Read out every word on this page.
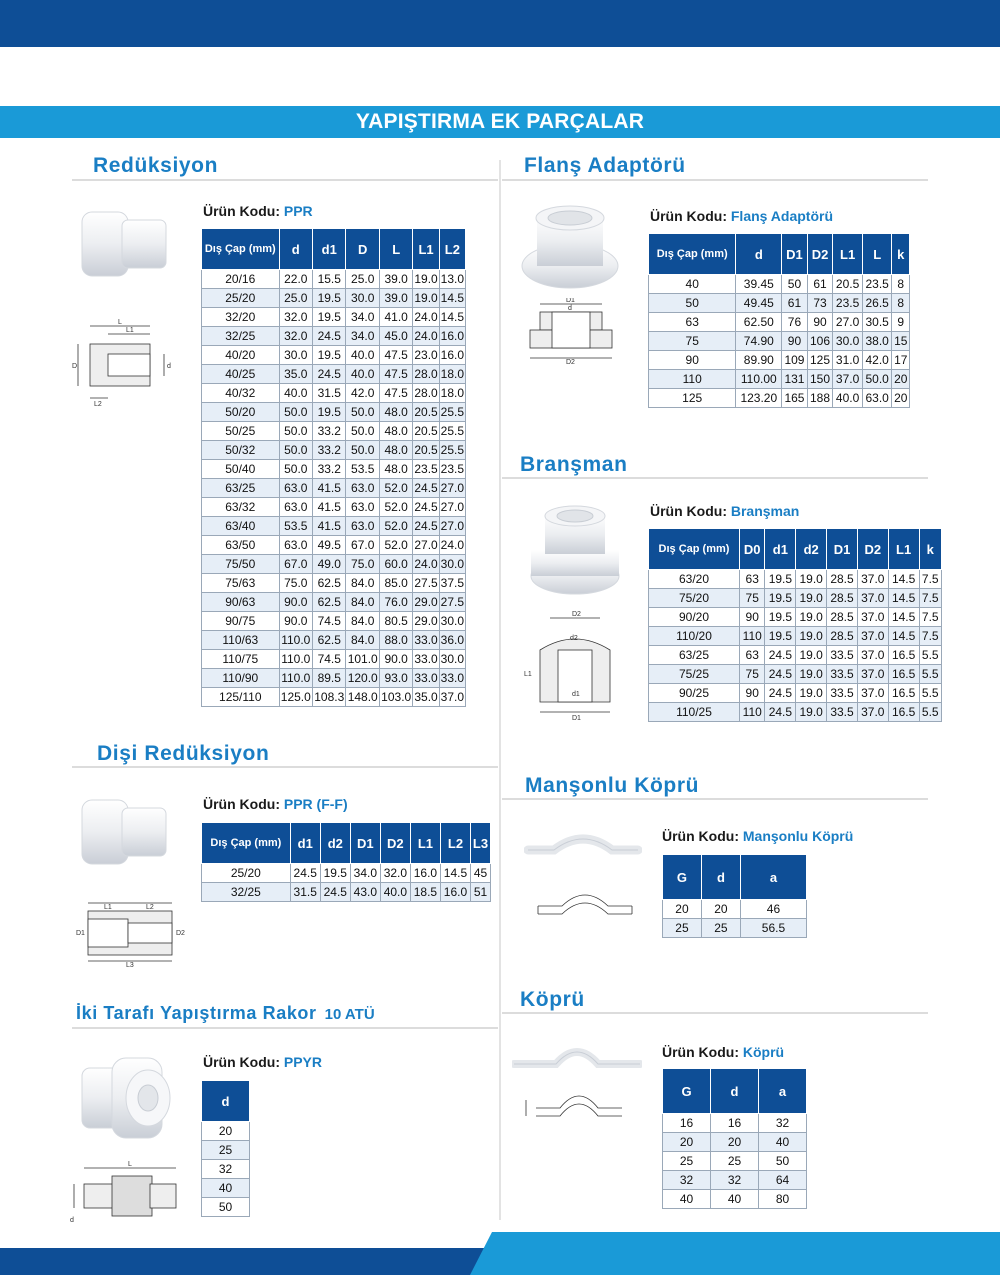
YAPIŞTIRMA EK PARÇALAR
Redüksiyon
L
L1
D	d
L2
Ürün Kodu: PPR
Dış Çap (mm)	d	d1	D	L	L1	L2
20/16	22.0	15.5	25.0	39.0	19.0	13.0
25/20	25.0	19.5	30.0	39.0	19.0	14.5
32/20	32.0	19.5	34.0	41.0	24.0	14.5
32/25	32.0	24.5	34.0	45.0	24.0	16.0
40/20	30.0	19.5	40.0	47.5	23.0	16.0
40/25	35.0	24.5	40.0	47.5	28.0	18.0
40/32	40.0	31.5	42.0	47.5	28.0	18.0
50/20	50.0	19.5	50.0	48.0	20.5	25.5
50/25	50.0	33.2	50.0	48.0	20.5	25.5
50/32	50.0	33.2	50.0	48.0	20.5	25.5
50/40	50.0	33.2	53.5	48.0	23.5	23.5
63/25	63.0	41.5	63.0	52.0	24.5	27.0
63/32	63.0	41.5	63.0	52.0	24.5	27.0
63/40	53.5	41.5	63.0	52.0	24.5	27.0
63/50	63.0	49.5	67.0	52.0	27.0	24.0
75/50	67.0	49.0	75.0	60.0	24.0	30.0
75/63	75.0	62.5	84.0	85.0	27.5	37.5
90/63	90.0	62.5	84.0	76.0	29.0	27.5
90/75	90.0	74.5	84.0	80.5	29.0	30.0
110/63	110.0	62.5	84.0	88.0	33.0	36.0
110/75	110.0	74.5	101.0	90.0	33.0	30.0
110/90	110.0	89.5	120.0	93.0	33.0	33.0
125/110	125.0	108.3	148.0	103.0	35.0	37.0
Dişi Redüksiyon
L1	L2
L3
D1	D2
Ürün Kodu: PPR (F-F)
Dış Çap (mm)	d1	d2	D1	D2	L1	L2	L3
25/20	24.5	19.5	34.0	32.0	16.0	14.5	45
32/25	31.5	24.5	43.0	40.0	18.5	16.0	51
İki Tarafı Yapıştırma Rakor 10 ATÜ
L
d
Ürün Kodu: PPYR
d
20
25
32
40
50
Flanş Adaptörü
D1
d
D2
Ürün Kodu: Flanş Adaptörü
Dış Çap (mm)	d	D1	D2	L1	L	k
40	39.45	50	61	20.5	23.5	8
50	49.45	61	73	23.5	26.5	8
63	62.50	76	90	27.0	30.5	9
75	74.90	90	106	30.0	38.0	15
90	89.90	109	125	31.0	42.0	17
110	110.00	131	150	37.0	50.0	20
125	123.20	165	188	40.0	63.0	20
Branşman
D2
d2
d1
D1
L1
Ürün Kodu: Branşman
Dış Çap (mm)	D0	d1	d2	D1	D2	L1	k
63/20	63	19.5	19.0	28.5	37.0	14.5	7.5
75/20	75	19.5	19.0	28.5	37.0	14.5	7.5
90/20	90	19.5	19.0	28.5	37.0	14.5	7.5
110/20	110	19.5	19.0	28.5	37.0	14.5	7.5
63/25	63	24.5	19.0	33.5	37.0	16.5	5.5
75/25	75	24.5	19.0	33.5	37.0	16.5	5.5
90/25	90	24.5	19.0	33.5	37.0	16.5	5.5
110/25	110	24.5	19.0	33.5	37.0	16.5	5.5
Manşonlu Köprü
Ürün Kodu: Manşonlu Köprü
G	d	a
20	20	46
25	25	56.5
Köprü
Ürün Kodu: Köprü
G	d	a
16	16	32
20	20	40
25	25	50
32	32	64
40	40	80
